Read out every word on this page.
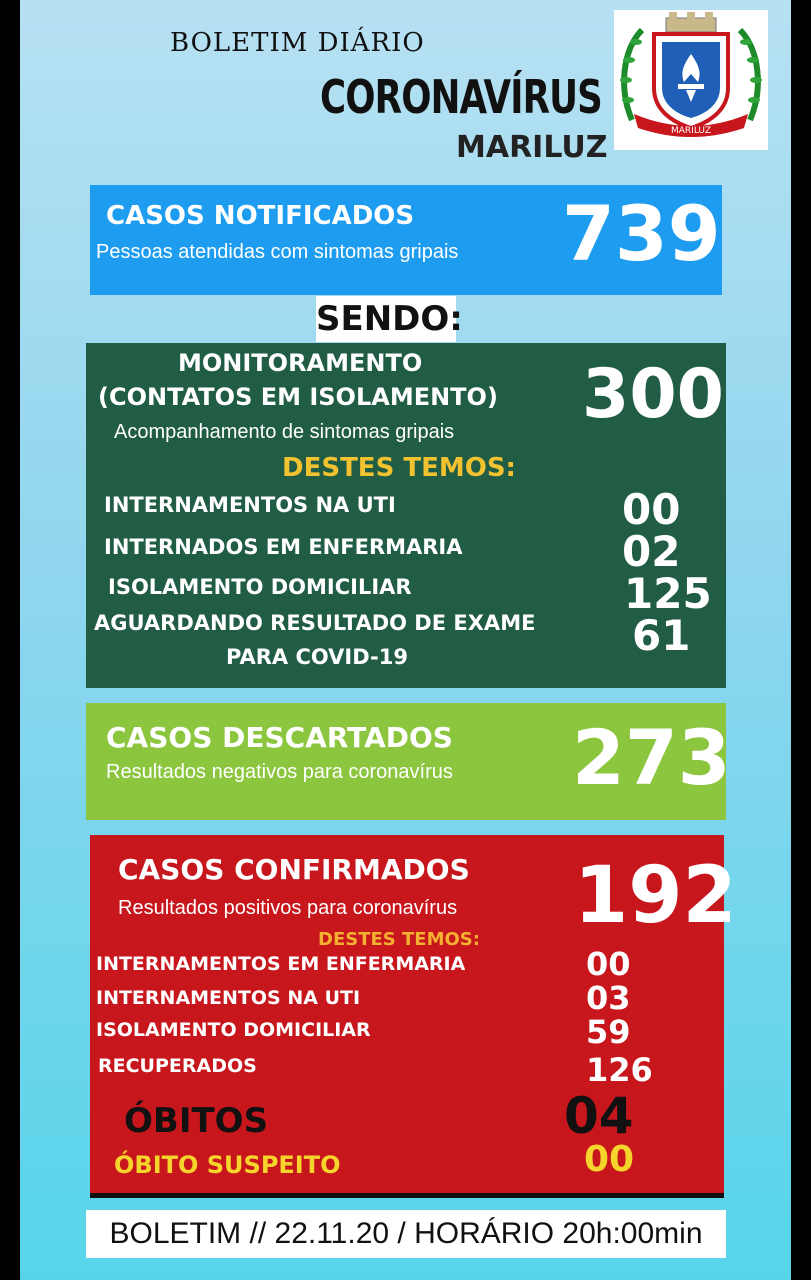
BOLETIM DIÁRIO
CORONAVÍRUS
MARILUZ	MARILUZ
CASOS NOTIFICADOS
Pessoas atendidas com sintomas gripais 739
SENDO:
MONITORAMENTO
(CONTATOS EM ISOLAMENTO)
Acompanhamento de sintomas gripais 300
DESTES TEMOS:
INTERNAMENTOS NA UTI	00
INTERNADOS EM ENFERMARIA	02
ISOLAMENTO DOMICILIAR	125
AGUARDANDO RESULTADO DE EXAME
PARA COVID-19	61
CASOS DESCARTADOS
Resultados negativos para coronavírus 273
CASOS CONFIRMADOS
Resultados positivos para coronavírus 192
DESTES TEMOS:
INTERNAMENTOS EM ENFERMARIA	00
INTERNAMENTOS NA UTI	03
ISOLAMENTO DOMICILIAR	59
RECUPERADOS	126
ÓBITOS	04
ÓBITO SUSPEITO	00
BOLETIM // 22.11.20 / HORÁRIO 20h:00min
